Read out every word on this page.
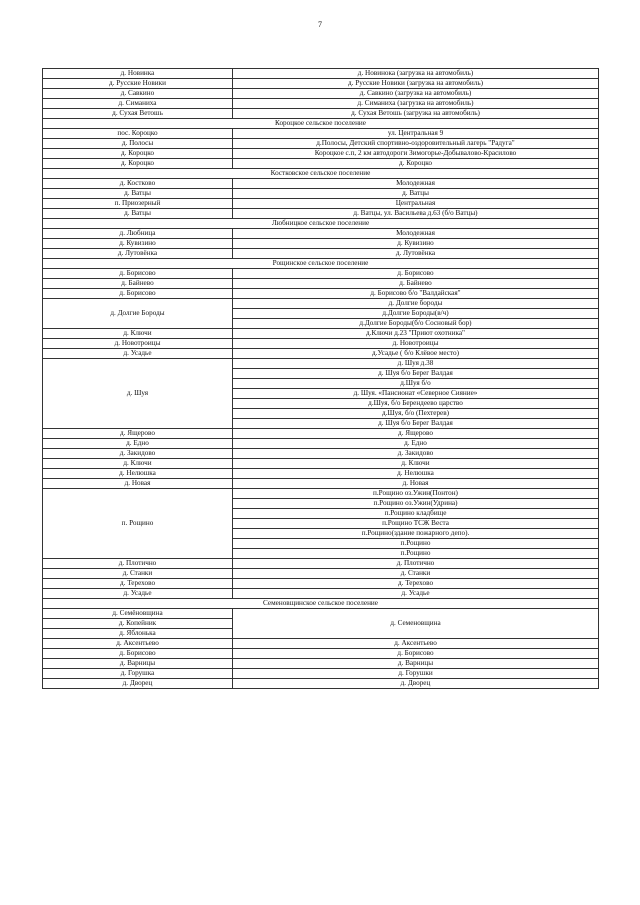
7
д. Новинка	д. Новинока (загрузка на автомобиль)
д. Русские Новики	д. Русские Новики (загрузка на автомобиль)
д. Савкино	д. Савкино (загрузка на автомобиль)
д. Симаниха	д. Симаниха (загрузка на автомобиль)
д. Сухая Ветошь	д. Сухая Ветошь (загрузка на автомобиль)
Короцкое сельское поселение	
пос. Короцко	ул. Центральная 9
д. Полосы	д.Полосы, Детский спортивно-оздоровительный лагерь "Радуга"
д. Короцко	Короцкое с.п, 2 км автодороги Зимогорье-Добывалово-Красилово
д. Короцко	д. Короцко
Костковское сельское поселение	
д. Костково	Молодежная
д. Ватцы	д. Ватцы
п. Приозерный	Центральная
д. Ватцы	д. Ватцы, ул. Васильева д.63 (б/о Ватцы)
Любницкое сельское поселение	
д. Любница	Молодежная
д. Кувизино	д. Кувизино
д. Лутовёнка	д. Лутовёнка
Рощинское сельское поселение	
д. Борисово	д. Борисово
д. Байнево	д. Байнево
д. Борисово	д. Борисово б/о "Валдайская"
д. Долгие Бороды	д. Долгие бороды
	д.Долгие Бороды(в/ч)
	д.Долгие Бороды(б/о Сосновый бор)
д. Ключи	д.Ключи д.23 "Приют охотника"
д. Новотроицы	д. Новотроицы
д. Усадье	д.Усадье ( б/о Клёвое место)
д. Шуя	д. Шуя д.38
	д. Шуя б/о Берег Валдая
	д.Шуя б/о
	д. Шуя. «Пансионат «Северное Сияние»
	д.Шуя, б/о Берендеево царство
	д.Шуя, б/о (Пехтерев)
	д. Шуя б/о Берег Валдая
д. Ящерово	д. Ящерово
д. Едно	д. Едно
д. Закидово	д. Закидово
д. Ключи	д. Ключи
д. Нелюшка	д. Нелюшка
д. Новая	д. Новая
п. Рощино	п.Рощино оз.Ужин(Понтон)
	п.Рощино оз.Ужин(Удрина)
	п.Рощино кладбище
	п.Рощино ТСЖ Веста
	п.Рощино(здание пожарного депо).
	п.Рощино
	п.Рощино
д. Плотично	д. Плотично
д. Станки	д. Станки
д. Терехово	д. Терехово
д. Усадье	д. Усадье
Семеновщинское сельское поселение	
д. Семёновщина	д. Семеновщина
д. Копейник	
д. Яблонька	
д. Аксентьево	д. Аксентьево
д. Борисово	д. Борисово
д. Варницы	д. Варницы
д. Горушка	д. Горушки
д. Дворец	д. Дворец
